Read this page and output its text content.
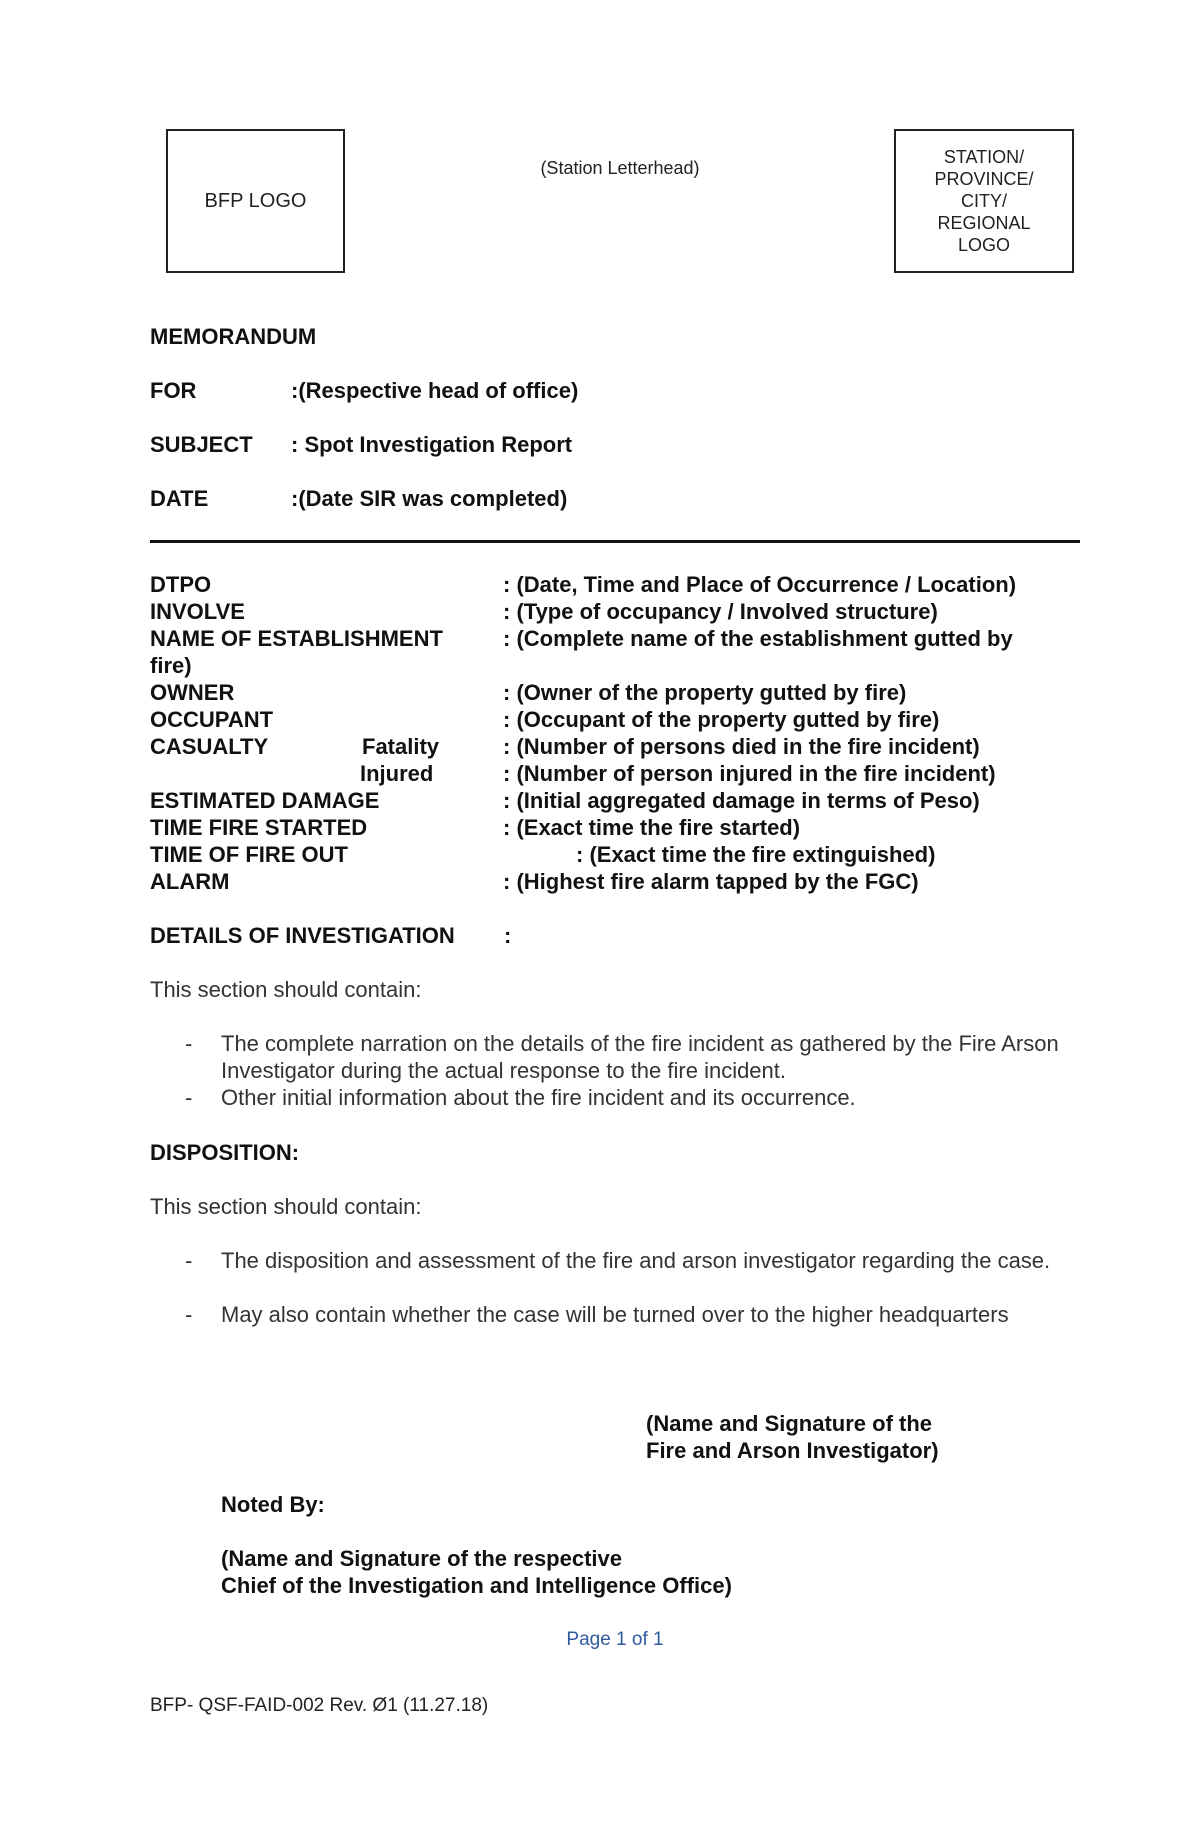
BFP LOGO
(Station Letterhead)
STATION/
PROVINCE/
CITY/
REGIONAL
LOGO
MEMORANDUM
FOR	:(Respective head of office)
SUBJECT : Spot Investigation Report
DATE	:(Date SIR was completed)
DTPO	: (Date, Time and Place of Occurrence / Location)
INVOLVE	: (Type of occupancy / Involved structure)
NAME OF ESTABLISHMENT	: (Complete name of the establishment gutted by
fire)
OWNER	: (Owner of the property gutted by fire)
OCCUPANT	: (Occupant of the property gutted by fire)
CASUALTY	Fatality	: (Number of persons died in the fire incident)
Injured	: (Number of person injured in the fire incident)
ESTIMATED DAMAGE	: (Initial aggregated damage in terms of Peso)
TIME FIRE STARTED	: (Exact time the fire started)
TIME OF FIRE OUT	: (Exact time the fire extinguished)
ALARM	: (Highest fire alarm tapped by the FGC)
DETAILS OF INVESTIGATION :
This section should contain:
- The complete narration on the details of the fire incident as gathered by the Fire Arson Investigator during the actual response to the fire incident.
- Other initial information about the fire incident and its occurrence.
DISPOSITION:
This section should contain:
- The disposition and assessment of the fire and arson investigator regarding the case.
- May also contain whether the case will be turned over to the higher headquarters
(Name and Signature of the
Fire and Arson Investigator)
Noted By:
(Name and Signature of the respective
Chief of the Investigation and Intelligence Office)
Page 1 of 1
BFP- QSF-FAID-002 Rev. Ø1 (11.27.18)
